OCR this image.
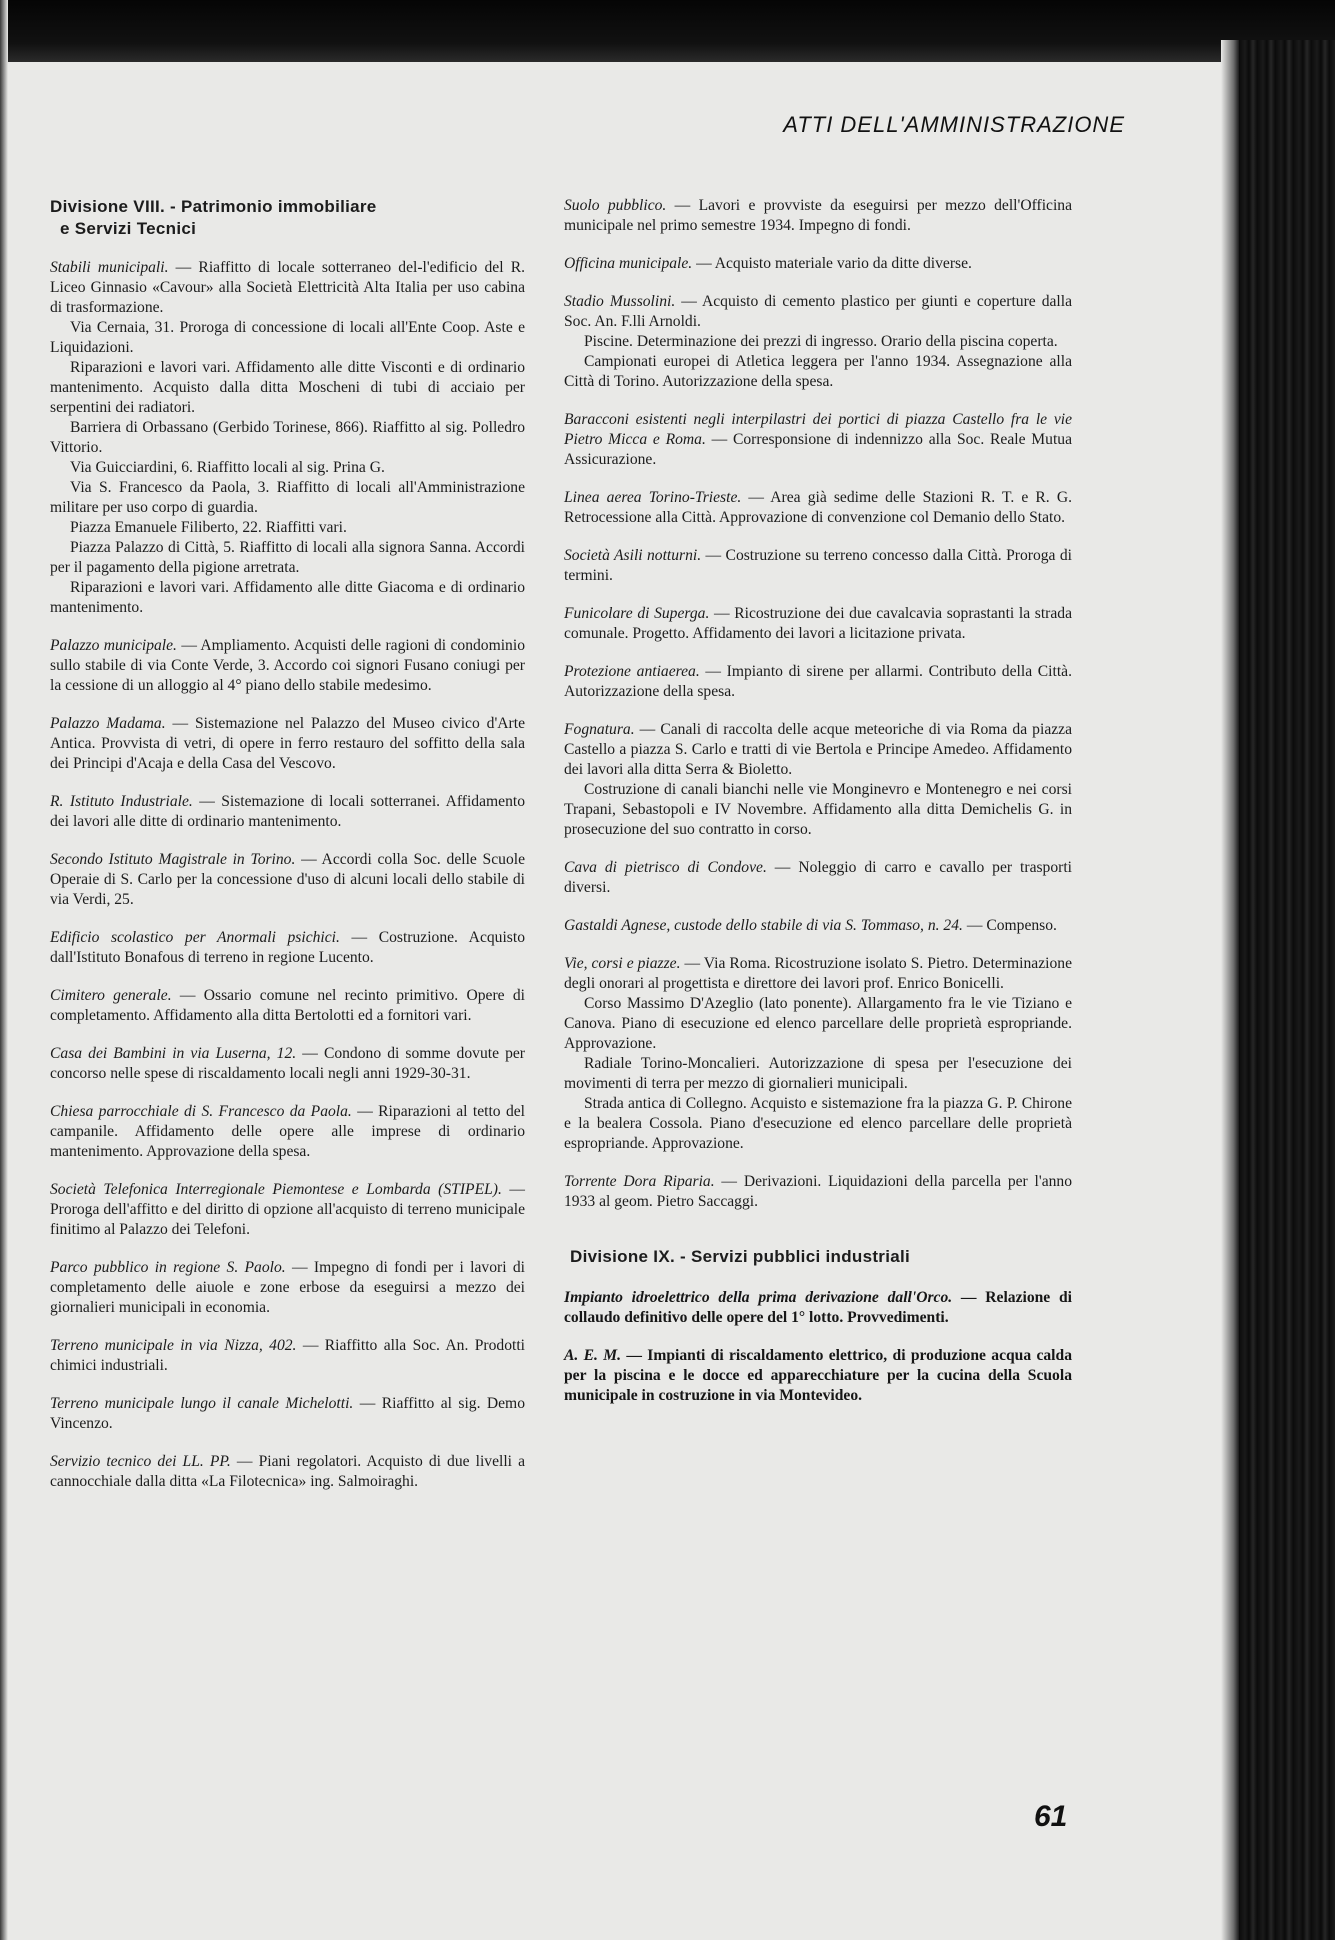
ATTI DELL'AMMINISTRAZIONE
Divisione VIII. - Patrimonio immobiliare
e Servizi Tecnici

Stabili municipali. — Riaffitto di locale sotterraneo del-l'edificio del R. Liceo Ginnasio «Cavour» alla Società Elettricità Alta Italia per uso cabina di trasformazione.

Via Cernaia, 31. Proroga di concessione di locali all'Ente Coop. Aste e Liquidazioni.

Riparazioni e lavori vari. Affidamento alle ditte Visconti e di ordinario mantenimento. Acquisto dalla ditta Moscheni di tubi di acciaio per serpentini dei radiatori.

Barriera di Orbassano (Gerbido Torinese, 866). Riaffitto al sig. Polledro Vittorio.

Via Guicciardini, 6. Riaffitto locali al sig. Prina G.

Via S. Francesco da Paola, 3. Riaffitto di locali all'Amministrazione militare per uso corpo di guardia.

Piazza Emanuele Filiberto, 22. Riaffitti vari.

Piazza Palazzo di Città, 5. Riaffitto di locali alla signora Sanna. Accordi per il pagamento della pigione arretrata.

Riparazioni e lavori vari. Affidamento alle ditte Giacoma e di ordinario mantenimento.

Palazzo municipale. — Ampliamento. Acquisti delle ragioni di condominio sullo stabile di via Conte Verde, 3. Accordo coi signori Fusano coniugi per la cessione di un alloggio al 4° piano dello stabile medesimo.

Palazzo Madama. — Sistemazione nel Palazzo del Museo civico d'Arte Antica. Provvista di vetri, di opere in ferro restauro del soffitto della sala dei Principi d'Acaja e della Casa del Vescovo.

R. Istituto Industriale. — Sistemazione di locali sotterranei. Affidamento dei lavori alle ditte di ordinario mantenimento.

Secondo Istituto Magistrale in Torino. — Accordi colla Soc. delle Scuole Operaie di S. Carlo per la concessione d'uso di alcuni locali dello stabile di via Verdi, 25.

Edificio scolastico per Anormali psichici. — Costruzione. Acquisto dall'Istituto Bonafous di terreno in regione Lucento.

Cimitero generale. — Ossario comune nel recinto primitivo. Opere di completamento. Affidamento alla ditta Bertolotti ed a fornitori vari.

Casa dei Bambini in via Luserna, 12. — Condono di somme dovute per concorso nelle spese di riscaldamento locali negli anni 1929-30-31.

Chiesa parrocchiale di S. Francesco da Paola. — Riparazioni al tetto del campanile. Affidamento delle opere alle imprese di ordinario mantenimento. Approvazione della spesa.

Società Telefonica Interregionale Piemontese e Lombarda (STIPEL). — Proroga dell'affitto e del diritto di opzione all'acquisto di terreno municipale finitimo al Palazzo dei Telefoni.

Parco pubblico in regione S. Paolo. — Impegno di fondi per i lavori di completamento delle aiuole e zone erbose da eseguirsi a mezzo dei giornalieri municipali in economia.

Terreno municipale in via Nizza, 402. — Riaffitto alla Soc. An. Prodotti chimici industriali.

Terreno municipale lungo il canale Michelotti. — Riaffitto al sig. Demo Vincenzo.

Servizio tecnico dei LL. PP. — Piani regolatori. Acquisto di due livelli a cannocchiale dalla ditta «La Filotecnica» ing. Salmoiraghi.

Suolo pubblico. — Lavori e provviste da eseguirsi per mezzo dell'Officina municipale nel primo semestre 1934. Impegno di fondi.

Officina municipale. — Acquisto materiale vario da ditte diverse.

Stadio Mussolini. — Acquisto di cemento plastico per giunti e coperture dalla Soc. An. F.lli Arnoldi.

Piscine. Determinazione dei prezzi di ingresso. Orario della piscina coperta.

Campionati europei di Atletica leggera per l'anno 1934. Assegnazione alla Città di Torino. Autorizzazione della spesa.

Baracconi esistenti negli interpilastri dei portici di piazza Castello fra le vie Pietro Micca e Roma. — Corresponsione di indennizzo alla Soc. Reale Mutua Assicurazione.

Linea aerea Torino-Trieste. — Area già sedime delle Stazioni R. T. e R. G. Retrocessione alla Città. Approvazione di convenzione col Demanio dello Stato.

Società Asili notturni. — Costruzione su terreno concesso dalla Città. Proroga di termini.

Funicolare di Superga. — Ricostruzione dei due cavalcavia soprastanti la strada comunale. Progetto. Affidamento dei lavori a licitazione privata.

Protezione antiaerea. — Impianto di sirene per allarmi. Contributo della Città. Autorizzazione della spesa.

Fognatura. — Canali di raccolta delle acque meteoriche di via Roma da piazza Castello a piazza S. Carlo e tratti di vie Bertola e Principe Amedeo. Affidamento dei lavori alla ditta Serra & Bioletto.

Costruzione di canali bianchi nelle vie Monginevro e Montenegro e nei corsi Trapani, Sebastopoli e IV Novembre. Affidamento alla ditta Demichelis G. in prosecuzione del suo contratto in corso.

Cava di pietrisco di Condove. — Noleggio di carro e cavallo per trasporti diversi.

Gastaldi Agnese, custode dello stabile di via S. Tommaso, n. 24. — Compenso.

Vie, corsi e piazze. — Via Roma. Ricostruzione isolato S. Pietro. Determinazione degli onorari al progettista e direttore dei lavori prof. Enrico Bonicelli.

Corso Massimo D'Azeglio (lato ponente). Allargamento fra le vie Tiziano e Canova. Piano di esecuzione ed elenco parcellare delle proprietà espropriande. Approvazione.

Radiale Torino-Moncalieri. Autorizzazione di spesa per l'esecuzione dei movimenti di terra per mezzo di giornalieri municipali.

Strada antica di Collegno. Acquisto e sistemazione fra la piazza G. P. Chirone e la bealera Cossola. Piano d'esecuzione ed elenco parcellare delle proprietà espropriande. Approvazione.

Torrente Dora Riparia. — Derivazioni. Liquidazioni della parcella per l'anno 1933 al geom. Pietro Saccaggi.

Divisione IX. - Servizi pubblici industriali

Impianto idroelettrico della prima derivazione dall'Orco. — Relazione di collaudo definitivo delle opere del 1° lotto. Provvedimenti.

A. E. M. — Impianti di riscaldamento elettrico, di produzione acqua calda per la piscina e le docce ed apparecchiature per la cucina della Scuola municipale in costruzione in via Montevideo.

61
